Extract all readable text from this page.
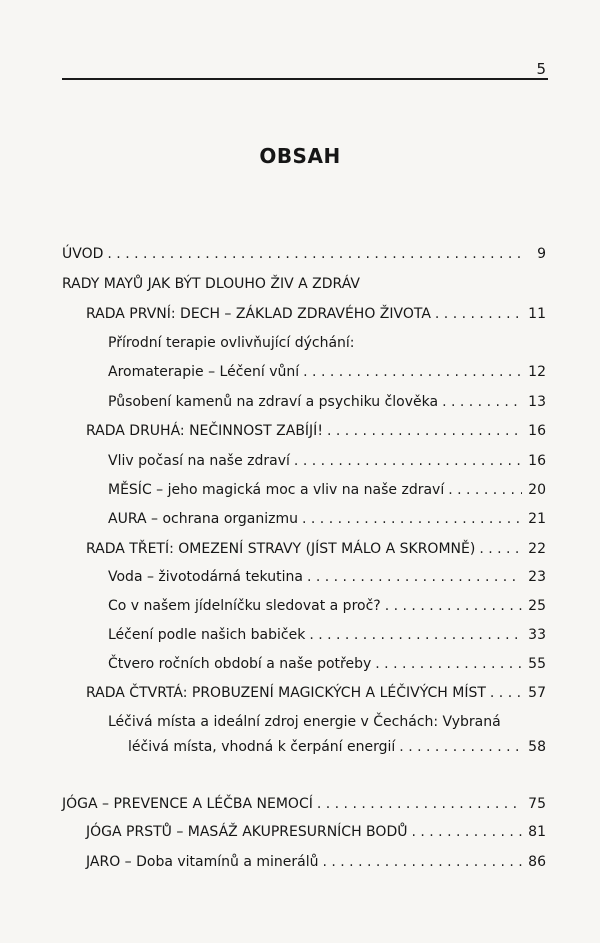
5
OBSAH
ÚVOD . . .	9
RADY MAYŮ JAK BÝT DLOUHO ŽIV A ZDRÁV
RADA PRVNÍ: DECH – ZÁKLAD ZDRAVÉHO ŽIVOTA . . .	11
Přírodní terapie ovlivňující dýchání:
Aromaterapie – Léčení vůní . . .	12
Působení kamenů na zdraví a psychiku člověka . . .	13
RADA DRUHÁ: NEČINNOST ZABÍJÍ! . . .	16
Vliv počasí na naše zdraví . . .	16
MĚSÍC – jeho magická moc a vliv na naše zdraví . . .	20
AURA – ochrana organizmu . . .	21
RADA TŘETÍ: OMEZENÍ STRAVY (JÍST MÁLO A SKROMNĚ) . . .	22
Voda – životodárná tekutina . . .	23
Co v našem jídelníčku sledovat a proč? . . .	25
Léčení podle našich babiček . . .	33
Čtvero ročních období a naše potřeby . . .	55
RADA ČTVRTÁ: PROBUZENÍ MAGICKÝCH A LÉČIVÝCH MÍST . . .	57
Léčivá místa a ideální zdroj energie v Čechách: Vybraná
léčivá místa, vhodná k čerpání energií . . .	58
JÓGA – PREVENCE A LÉČBA NEMOCÍ . . .	75
JÓGA PRSTŮ – MASÁŽ AKUPRESURNÍCH BODŮ . . .	81
JARO – Doba vitamínů a minerálů . . .	86
